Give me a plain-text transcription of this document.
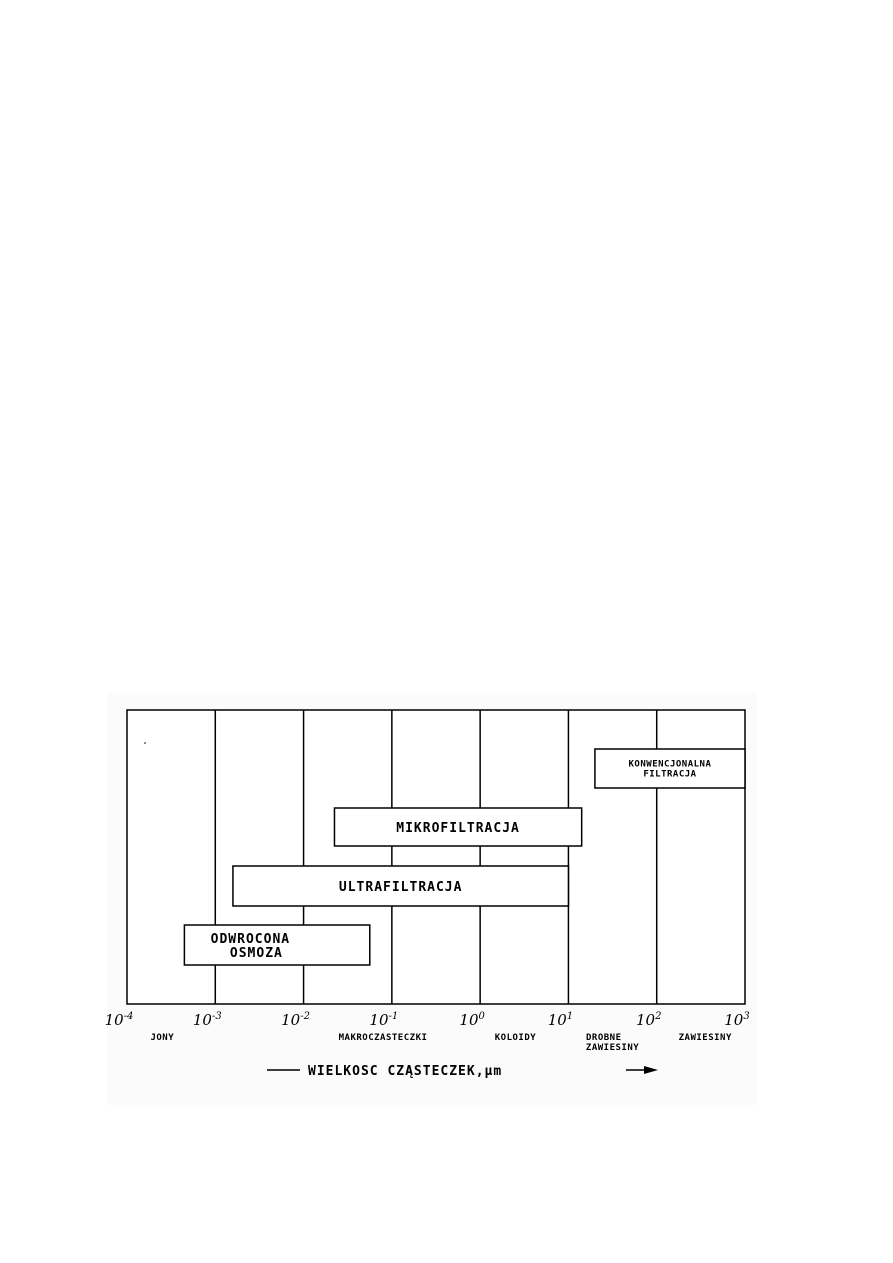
KONWENCJONALNA
FILTRACJA
MIKROFILTRACJA
ULTRAFILTRACJA
ODWROCONA
OSMOZA
$10^{-4}$	$10^{-3}$	$10^{-2}$	$10^{-1}$	$10^0$	$10^1$	$10^2$	$10^3$
JONY	MAKROCZASTECZKI	KOLOIDY	DROBNE
ZAWIESINY
ZAWIESINY
WIELKOSC CZĄSTECZEK,µm
